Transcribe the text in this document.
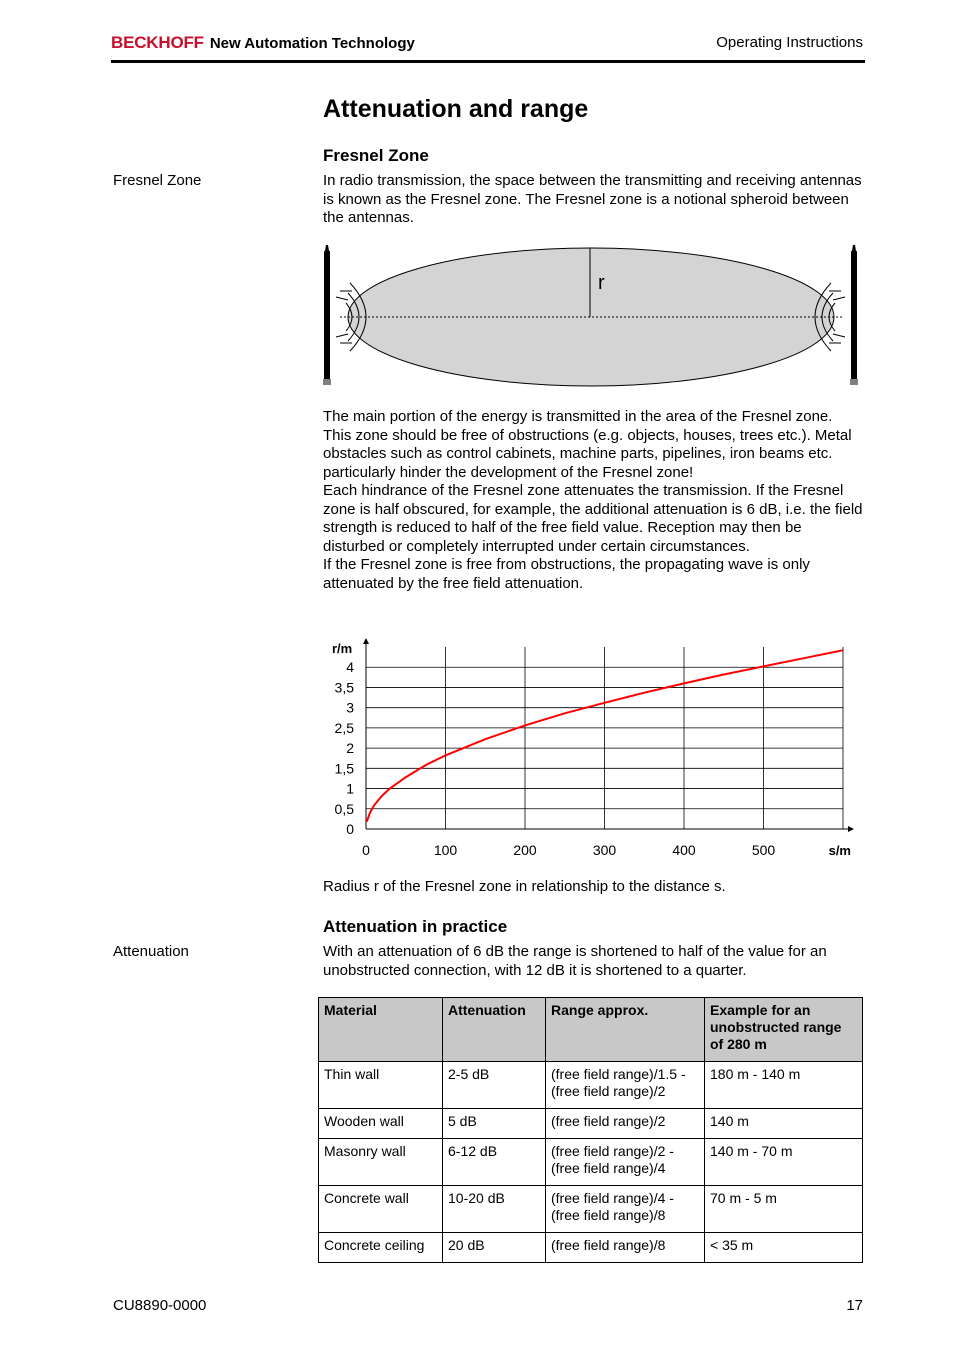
BECKHOFF New Automation Technology	Operating Instructions
Attenuation and range
Fresnel Zone
Fresnel Zone	In radio transmission, the space between the transmitting and receiving antennas is known as the Fresnel zone. The Fresnel zone is a notional spheroid between the antennas.
r

The main portion of the energy is transmitted in the area of the Fresnel zone.

This zone should be free of obstructions (e.g. objects, houses, trees etc.). Metal obstacles such as control cabinets, machine parts, pipelines, iron beams etc. particularly hinder the development of the Fresnel zone!

Each hindrance of the Fresnel zone attenuates the transmission. If the Fresnel zone is half obscured, for example, the additional attenuation is 6 dB, i.e. the field strength is reduced to half of the free field value. Reception may then be disturbed or completely interrupted under certain circumstances.

If the Fresnel zone is free from obstructions, the propagating wave is only attenuated by the free field attenuation.

0
0,5
1
1,5
2
2,5
3
3,5
4
0	100	200	300	400	500
r/m
s/m
Radius r of the Fresnel zone in relationship to the distance s.
Attenuation in practice
Attenuation	With an attenuation of 6 dB the range is shortened to half of the value for an unobstructed connection, with 12 dB it is shortened to a quarter.
Material	Attenuation	Range approx.	Example for an unobstructed range of 280 m
Thin wall	2-5 dB	(free field range)/1.5 - (free field range)/2	180 m - 140 m
Wooden wall	5 dB	(free field range)/2	140 m
Masonry wall	6-12 dB	(free field range)/2 - (free field range)/4	140 m - 70 m
Concrete wall	10-20 dB	(free field range)/4 - (free field range)/8	70 m - 5 m
Concrete ceiling	20 dB	(free field range)/8	< 35 m
CU8890-0000	17
